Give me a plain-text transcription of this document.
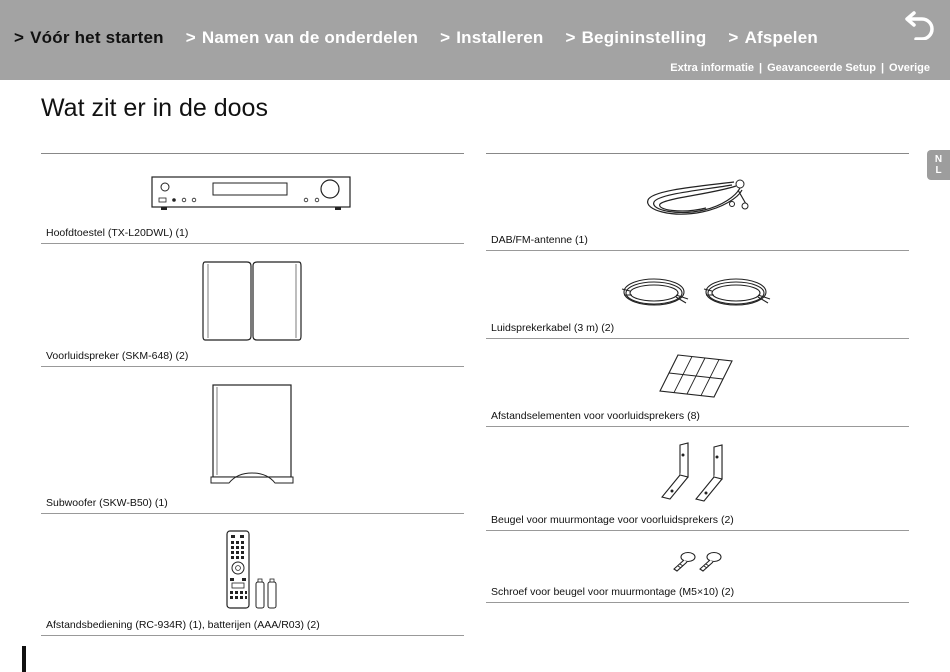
> Vóór het starten > Namen van de onderdelen > Installeren > Begininstelling > Afspelen
Extra informatie | Geavanceerde Setup | Overige
Wat zit er in de doos
N
L
Hoofdtoestel (TX-L20DWL) (1)
Voorluidspreker (SKM-648) (2)
Subwoofer (SKW-B50) (1)
Afstandsbediening (RC-934R) (1), batterijen (AAA/R03) (2)
DAB/FM-antenne (1)
Luidsprekerkabel (3 m) (2)
Afstandselementen voor voorluidsprekers (8)
Beugel voor muurmontage voor voorluidsprekers (2)
Schroef voor beugel voor muurmontage (M5×10) (2)
